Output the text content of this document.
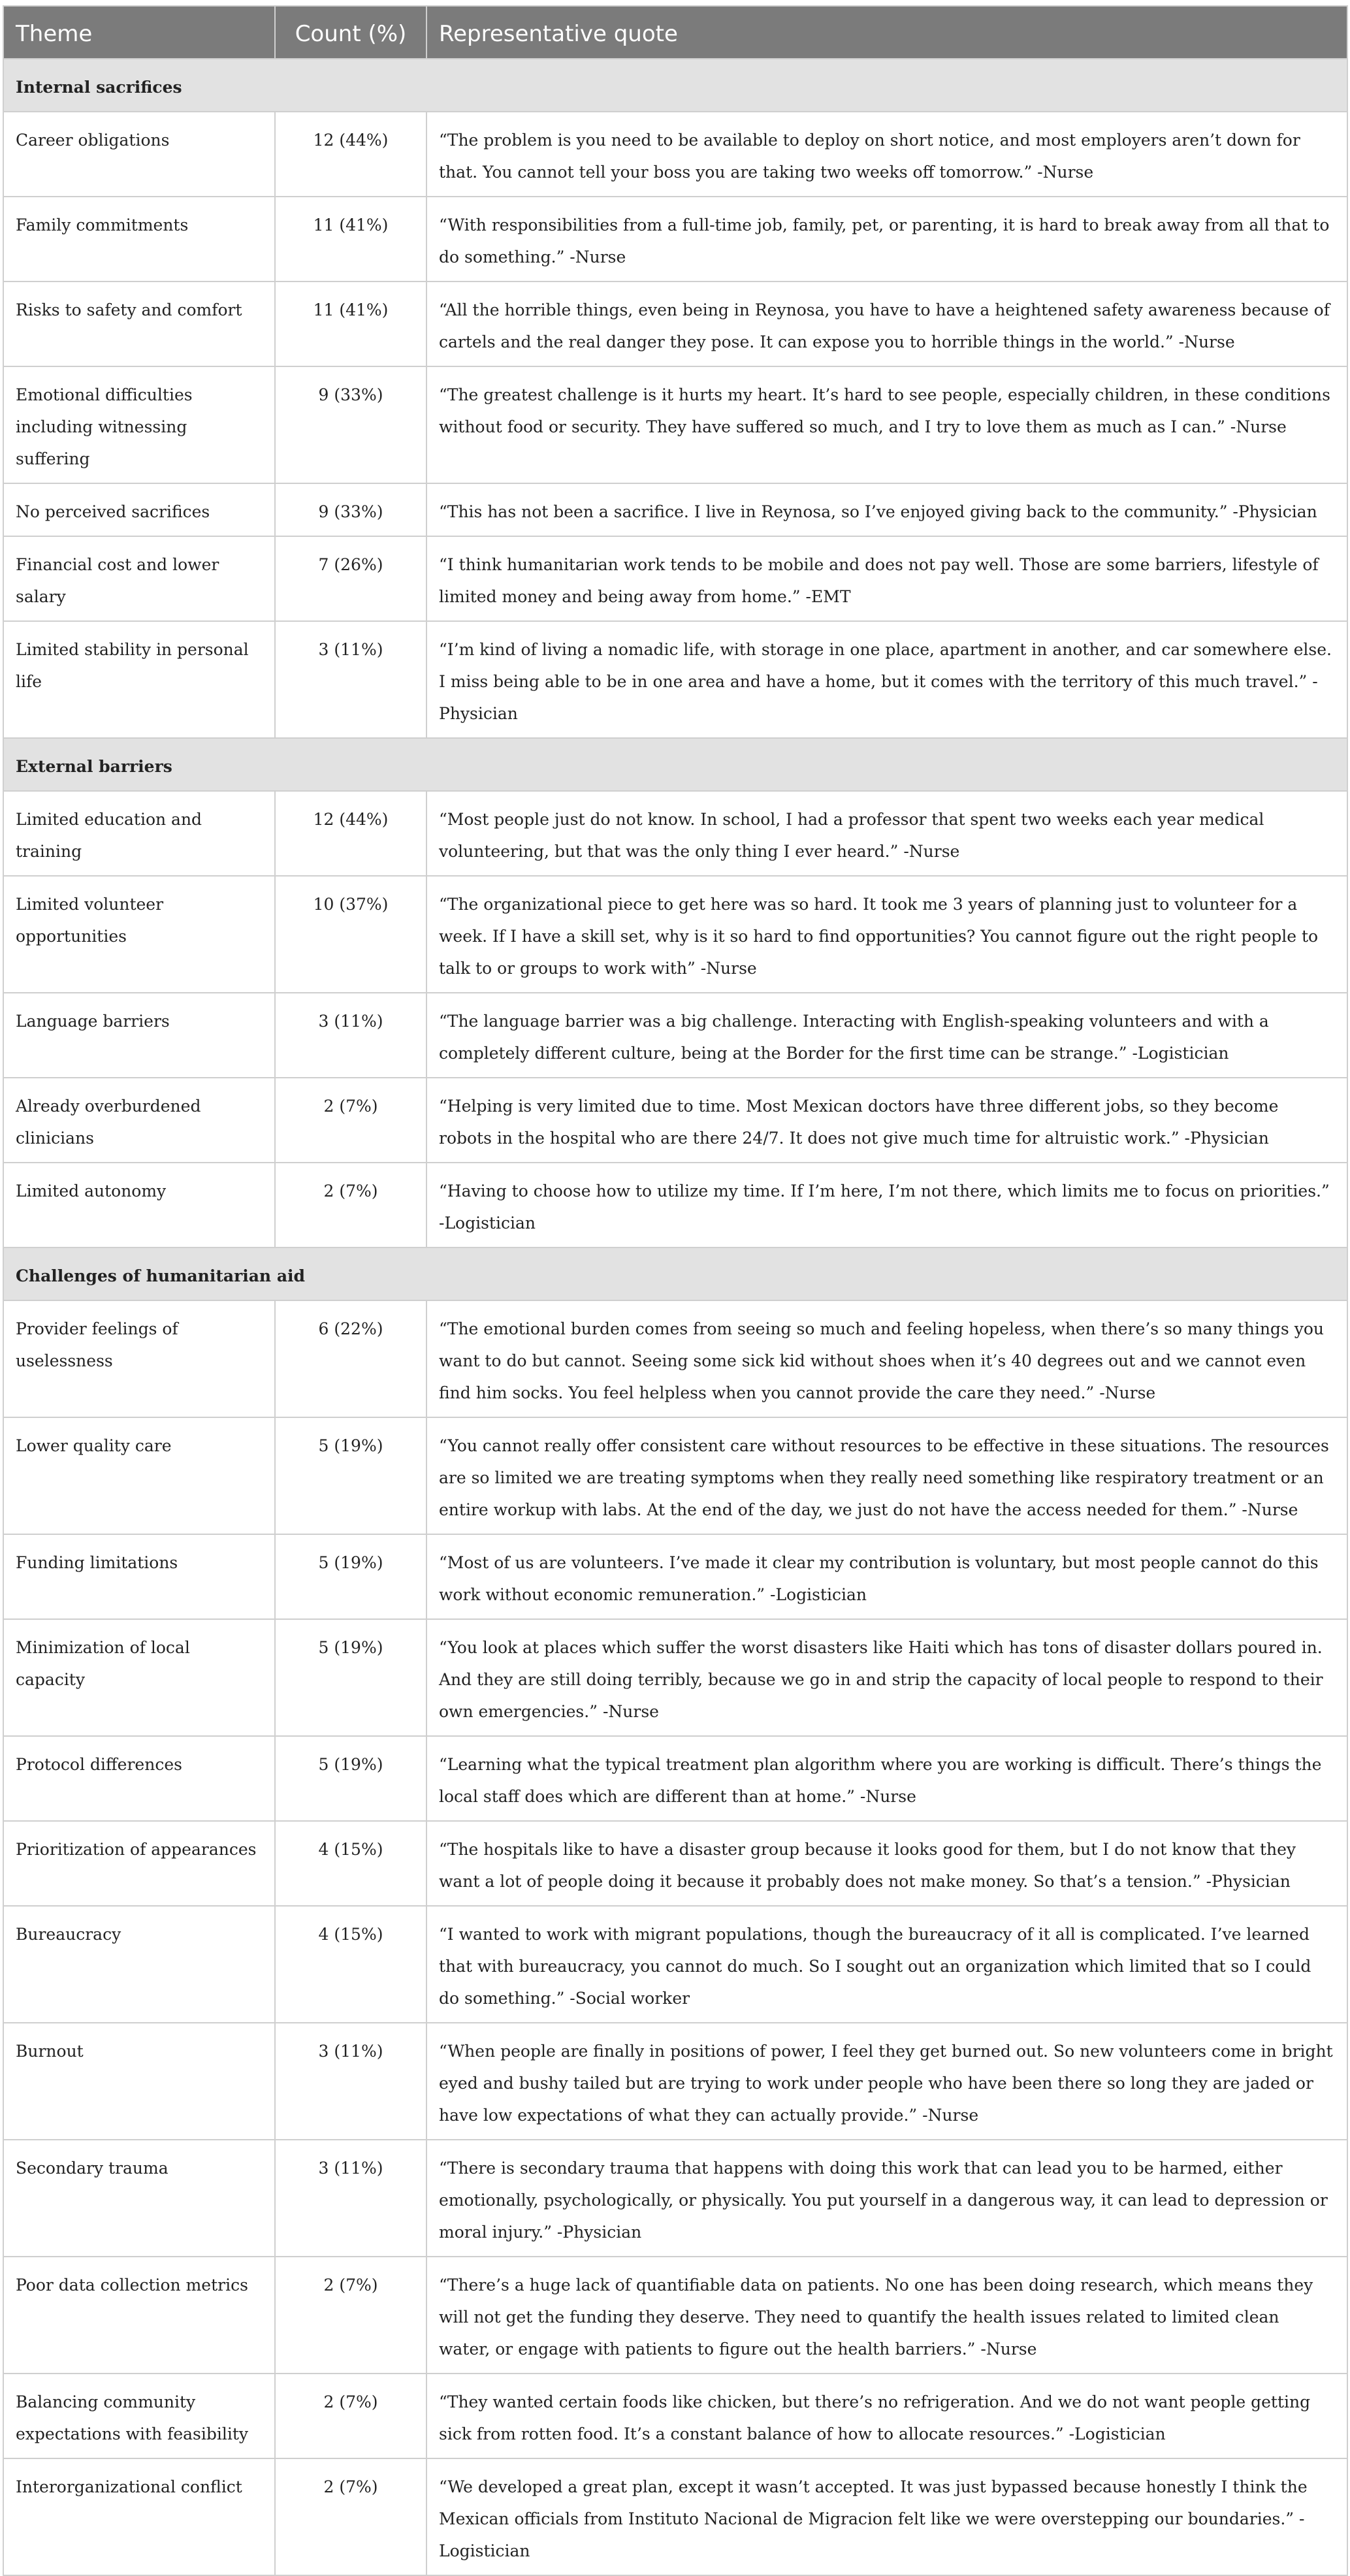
Theme	Count (%)	Representative quote
Internal sacrifices		
Career obligations	12 (44%)	“The problem is you need to be available to deploy on short notice, and most employers aren’t down for that. You cannot tell your boss you are taking two weeks off tomorrow.” -Nurse
Family commitments	11 (41%)	“With responsibilities from a full-time job, family, pet, or parenting, it is hard to break away from all that to do something.” -Nurse
Risks to safety and comfort	11 (41%)	“All the horrible things, even being in Reynosa, you have to have a heightened safety awareness because of cartels and the real danger they pose. It can expose you to horrible things in the world.” -Nurse
Emotional difficulties including witnessing suffering	9 (33%)	“The greatest challenge is it hurts my heart. It’s hard to see people, especially children, in these conditions without food or security. They have suffered so much, and I try to love them as much as I can.” -Nurse
No perceived sacrifices	9 (33%)	“This has not been a sacrifice. I live in Reynosa, so I’ve enjoyed giving back to the community.” -Physician
Financial cost and lower salary	7 (26%)	“I think humanitarian work tends to be mobile and does not pay well. Those are some barriers, lifestyle of limited money and being away from home.” -EMT
Limited stability in personal life	3 (11%)	“I’m kind of living a nomadic life, with storage in one place, apartment in another, and car somewhere else. I miss being able to be in one area and have a home, but it comes with the territory of this much travel.” -Physician
External barriers		
Limited education and training	12 (44%)	“Most people just do not know. In school, I had a professor that spent two weeks each year medical volunteering, but that was the only thing I ever heard.” -Nurse
Limited volunteer opportunities	10 (37%)	“The organizational piece to get here was so hard. It took me 3 years of planning just to volunteer for a week. If I have a skill set, why is it so hard to find opportunities? You cannot figure out the right people to talk to or groups to work with” -Nurse
Language barriers	3 (11%)	“The language barrier was a big challenge. Interacting with English-speaking volunteers and with a completely different culture, being at the Border for the first time can be strange.” -Logistician
Already overburdened clinicians	2 (7%)	“Helping is very limited due to time. Most Mexican doctors have three different jobs, so they become robots in the hospital who are there 24/7. It does not give much time for altruistic work.” -Physician
Limited autonomy	2 (7%)	“Having to choose how to utilize my time. If I’m here, I’m not there, which limits me to focus on priorities.” -Logistician
Challenges of humanitarian aid		
Provider feelings of uselessness	6 (22%)	“The emotional burden comes from seeing so much and feeling hopeless, when there’s so many things you want to do but cannot. Seeing some sick kid without shoes when it’s 40 degrees out and we cannot even find him socks. You feel helpless when you cannot provide the care they need.” -Nurse
Lower quality care	5 (19%)	“You cannot really offer consistent care without resources to be effective in these situations. The resources are so limited we are treating symptoms when they really need something like respiratory treatment or an entire workup with labs. At the end of the day, we just do not have the access needed for them.” -Nurse
Funding limitations	5 (19%)	“Most of us are volunteers. I’ve made it clear my contribution is voluntary, but most people cannot do this work without economic remuneration.” -Logistician
Minimization of local capacity	5 (19%)	“You look at places which suffer the worst disasters like Haiti which has tons of disaster dollars poured in. And they are still doing terribly, because we go in and strip the capacity of local people to respond to their own emergencies.” -Nurse
Protocol differences	5 (19%)	“Learning what the typical treatment plan algorithm where you are working is difficult. There’s things the local staff does which are different than at home.” -Nurse
Prioritization of appearances	4 (15%)	“The hospitals like to have a disaster group because it looks good for them, but I do not know that they want a lot of people doing it because it probably does not make money. So that’s a tension.” -Physician
Bureaucracy	4 (15%)	“I wanted to work with migrant populations, though the bureaucracy of it all is complicated. I’ve learned that with bureaucracy, you cannot do much. So I sought out an organization which limited that so I could do something.” -Social worker
Burnout	3 (11%)	“When people are finally in positions of power, I feel they get burned out. So new volunteers come in bright eyed and bushy tailed but are trying to work under people who have been there so long they are jaded or have low expectations of what they can actually provide.” -Nurse
Secondary trauma	3 (11%)	“There is secondary trauma that happens with doing this work that can lead you to be harmed, either emotionally, psychologically, or physically. You put yourself in a dangerous way, it can lead to depression or moral injury.” -Physician
Poor data collection metrics	2 (7%)	“There’s a huge lack of quantifiable data on patients. No one has been doing research, which means they will not get the funding they deserve. They need to quantify the health issues related to limited clean water, or engage with patients to figure out the health barriers.” -Nurse
Balancing community expectations with feasibility	2 (7%)	“They wanted certain foods like chicken, but there’s no refrigeration. And we do not want people getting sick from rotten food. It’s a constant balance of how to allocate resources.” -Logistician
Interorganizational conflict	2 (7%)	“We developed a great plan, except it wasn’t accepted. It was just bypassed because honestly I think the Mexican officials from Instituto Nacional de Migracion felt like we were overstepping our boundaries.” -Logistician
